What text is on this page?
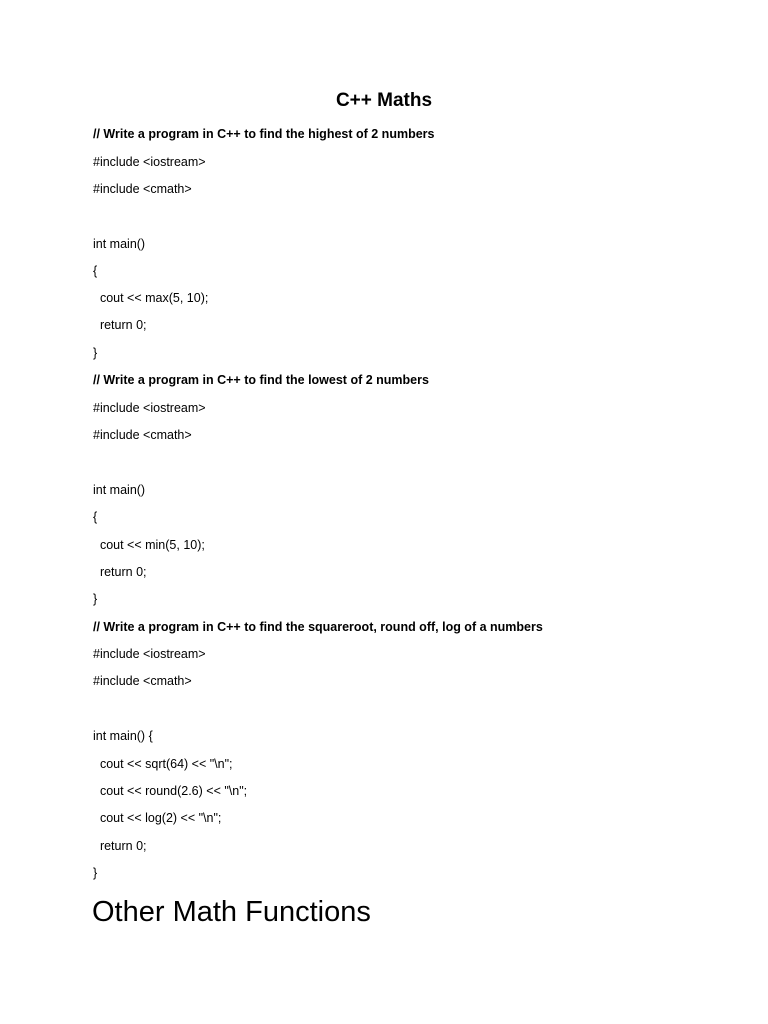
C++ Maths
// Write a program in C++ to find the highest of 2 numbers
#include <iostream>
#include <cmath>
int main()
{
cout << max(5, 10);
return 0;
}
// Write a program in C++ to find the lowest of 2 numbers
#include <iostream>
#include <cmath>
int main()
{
cout << min(5, 10);
return 0;
}
// Write a program in C++ to find the squareroot, round off, log of a numbers
#include <iostream>
#include <cmath>
int main() {
cout << sqrt(64) << "\n";
cout << round(2.6) << "\n";
cout << log(2) << "\n";
return 0;
}
Other Math Functions
